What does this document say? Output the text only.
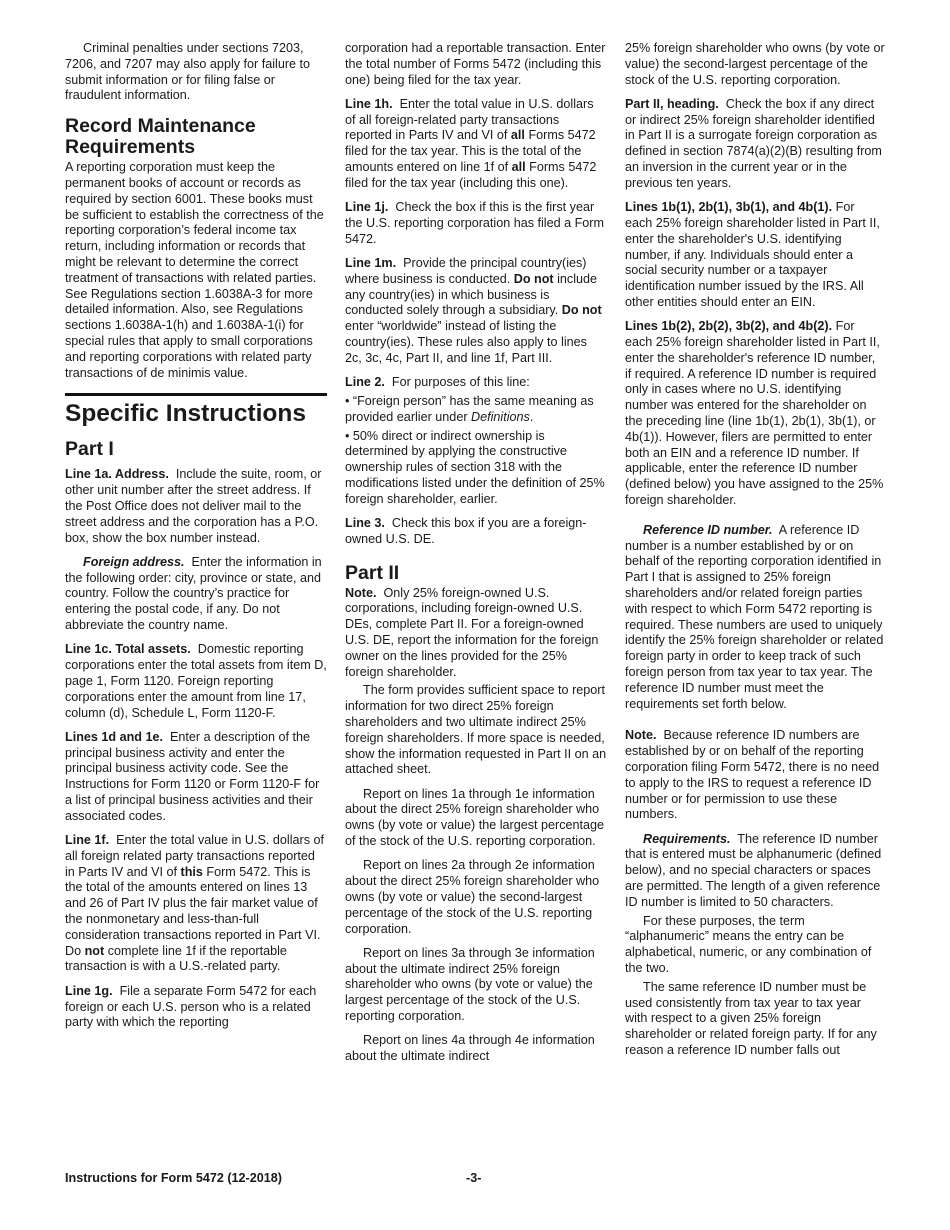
Criminal penalties under sections 7203, 7206, and 7207 may also apply for failure to submit information or for filing false or fraudulent information.

Record Maintenance Requirements

A reporting corporation must keep the permanent books of account or records as required by section 6001. These books must be sufficient to establish the correctness of the reporting corporation’s federal income tax return, including information or records that might be relevant to determine the correct treatment of transactions with related parties. See Regulations section 1.6038A-3 for more detailed information. Also, see Regulations sections 1.6038A-1(h) and 1.6038A-1(i) for special rules that apply to small corporations and reporting corporations with related party transactions of de minimis value.

Specific Instructions
Part I

Line 1a. Address. Include the suite, room, or other unit number after the street address. If the Post Office does not deliver mail to the street address and the corporation has a P.O. box, show the box number instead.

Foreign address. Enter the information in the following order: city, province or state, and country. Follow the country’s practice for entering the postal code, if any. Do not abbreviate the country name.

Line 1c. Total assets. Domestic reporting corporations enter the total assets from item D, page 1, Form 1120. Foreign reporting corporations enter the amount from line 17, column (d), Schedule L, Form 1120-F.

Lines 1d and 1e. Enter a description of the principal business activity and enter the principal business activity code. See the Instructions for Form 1120 or Form 1120-F for a list of principal business activities and their associated codes.

Line 1f. Enter the total value in U.S. dollars of all foreign related party transactions reported in Parts IV and VI of this Form 5472. This is the total of the amounts entered on lines 13 and 26 of Part IV plus the fair market value of the nonmonetary and less-than-full consideration transactions reported in Part VI. Do not complete line 1f if the reportable transaction is with a U.S.-related party.

Line 1g. File a separate Form 5472 for each foreign or each U.S. person who is a related party with which the reporting

corporation had a reportable transaction. Enter the total number of Forms 5472 (including this one) being filed for the tax year.

Line 1h. Enter the total value in U.S. dollars of all foreign-related party transactions reported in Parts IV and VI of all Forms 5472 filed for the tax year. This is the total of the amounts entered on line 1f of all Forms 5472 filed for the tax year (including this one).

Line 1j. Check the box if this is the first year the U.S. reporting corporation has filed a Form 5472.

Line 1m. Provide the principal country(ies) where business is conducted. Do not include any country(ies) in which business is conducted solely through a subsidiary. Do not enter “worldwide” instead of listing the country(ies). These rules also apply to lines 2c, 3c, 4c, Part II, and line 1f, Part III.

Line 2. For purposes of this line:

• “Foreign person” has the same meaning as provided earlier under Definitions.

• 50% direct or indirect ownership is determined by applying the constructive ownership rules of section 318 with the modifications listed under the definition of 25% foreign shareholder, earlier.

Line 3. Check this box if you are a foreign-owned U.S. DE.

Part II

Note. Only 25% foreign-owned U.S. corporations, including foreign-owned U.S. DEs, complete Part II. For a foreign-owned U.S. DE, report the information for the foreign owner on the lines provided for the 25% foreign shareholder.

The form provides sufficient space to report information for two direct 25% foreign shareholders and two ultimate indirect 25% foreign shareholders. If more space is needed, show the information requested in Part II on an attached sheet.

Report on lines 1a through 1e information about the direct 25% foreign shareholder who owns (by vote or value) the largest percentage of the stock of the U.S. reporting corporation.

Report on lines 2a through 2e information about the direct 25% foreign shareholder who owns (by vote or value) the second-largest percentage of the stock of the U.S. reporting corporation.

Report on lines 3a through 3e information about the ultimate indirect 25% foreign shareholder who owns (by vote or value) the largest percentage of the stock of the U.S. reporting corporation.

Report on lines 4a through 4e information about the ultimate indirect

25% foreign shareholder who owns (by vote or value) the second-largest percentage of the stock of the U.S. reporting corporation.

Part II, heading. Check the box if any direct or indirect 25% foreign shareholder identified in Part II is a surrogate foreign corporation as defined in section 7874(a)(2)(B) resulting from an inversion in the current year or in the previous ten years.

Lines 1b(1), 2b(1), 3b(1), and 4b(1). For each 25% foreign shareholder listed in Part II, enter the shareholder's U.S. identifying number, if any. Individuals should enter a social security number or a taxpayer identification number issued by the IRS. All other entities should enter an EIN.

Lines 1b(2), 2b(2), 3b(2), and 4b(2). For each 25% foreign shareholder listed in Part II, enter the shareholder's reference ID number, if required. A reference ID number is required only in cases where no U.S. identifying number was entered for the shareholder on the preceding line (line 1b(1), 2b(1), 3b(1), or 4b(1)). However, filers are permitted to enter both an EIN and a reference ID number. If applicable, enter the reference ID number (defined below) you have assigned to the 25% foreign shareholder.

Reference ID number. A reference ID number is a number established by or on behalf of the reporting corporation identified in Part I that is assigned to 25% foreign shareholders and/or related foreign parties with respect to which Form 5472 reporting is required. These numbers are used to uniquely identify the 25% foreign shareholder or related foreign party in order to keep track of such foreign person from tax year to tax year. The reference ID number must meet the requirements set forth below.

Note. Because reference ID numbers are established by or on behalf of the reporting corporation filing Form 5472, there is no need to apply to the IRS to request a reference ID number or for permission to use these numbers.

Requirements. The reference ID number that is entered must be alphanumeric (defined below), and no special characters or spaces are permitted. The length of a given reference ID number is limited to 50 characters.

For these purposes, the term “alphanumeric” means the entry can be alphabetical, numeric, or any combination of the two.

The same reference ID number must be used consistently from tax year to tax year with respect to a given 25% foreign shareholder or related foreign party. If for any reason a reference ID number falls out

Instructions for Form 5472 (12-2018)	-3-
